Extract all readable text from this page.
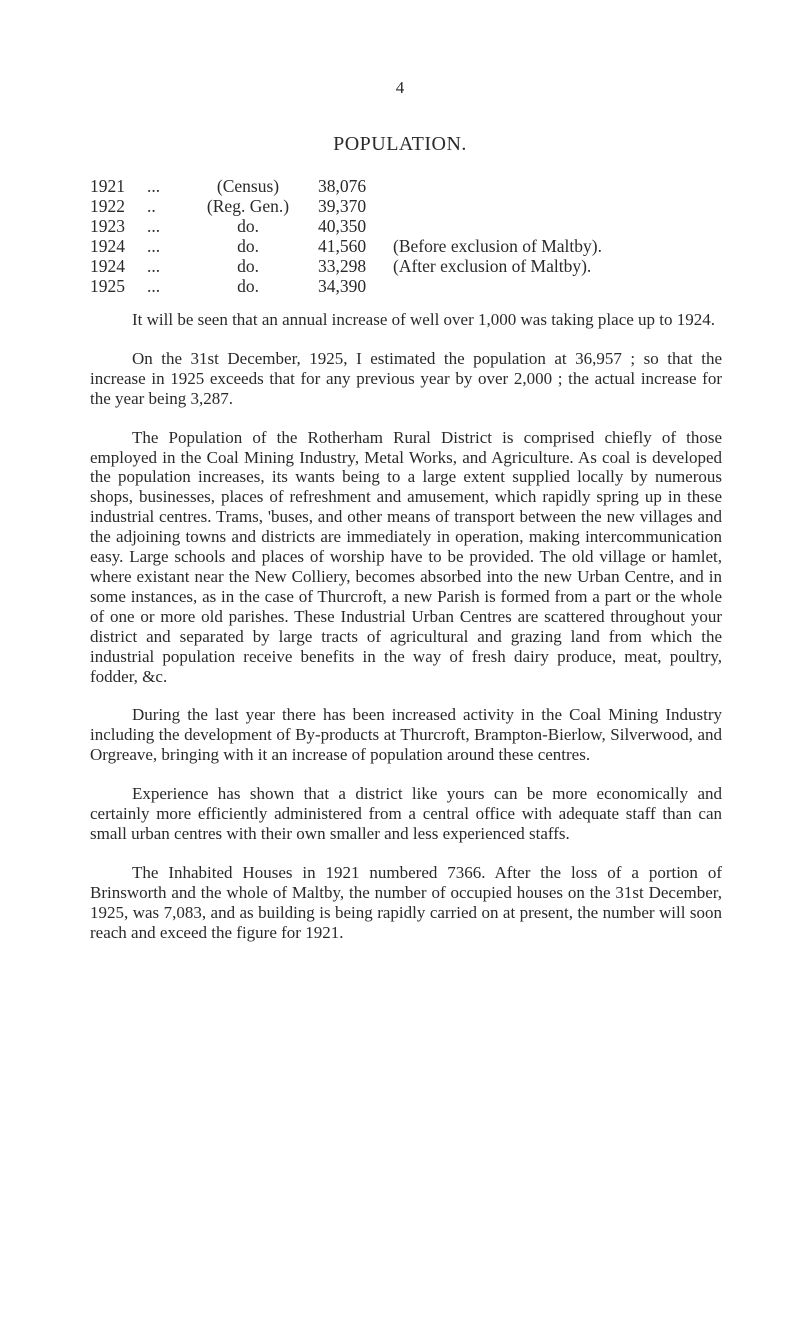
4
POPULATION.
1921 ...	(Census)	38,076
1922 ..	(Reg. Gen.)	39,370
1923 ...	do.	40,350
1924 ...	do.	41,560 (Before exclusion of Maltby).
1924 ...	do.	33,298 (After exclusion of Maltby).
1925 ...	do.	34,390

It will be seen that an annual increase of well over 1,000 was taking place up to 1924.

On the 31st December, 1925, I estimated the population at 36,957 ; so that the increase in 1925 exceeds that for any previous year by over 2,000 ; the actual increase for the year being 3,287.

The Population of the Rotherham Rural District is comprised chiefly of those employed in the Coal Mining Industry, Metal Works, and Agriculture. As coal is developed the population increases, its wants being to a large extent supplied locally by numerous shops, businesses, places of refreshment and amusement, which rapidly spring up in these industrial centres. Trams, 'buses, and other means of transport between the new villages and the adjoining towns and districts are immediately in operation, making intercommunication easy. Large schools and places of worship have to be provided. The old village or hamlet, where existant near the New Colliery, becomes absorbed into the new Urban Centre, and in some instances, as in the case of Thurcroft, a new Parish is formed from a part or the whole of one or more old parishes. These Industrial Urban Centres are scattered throughout your district and separated by large tracts of agricultural and grazing land from which the industrial population receive benefits in the way of fresh dairy produce, meat, poultry, fodder, &c.

During the last year there has been increased activity in the Coal Mining Industry including the development of By-products at Thurcroft, Brampton-Bierlow, Silverwood, and Orgreave, bringing with it an increase of population around these centres.

Experience has shown that a district like yours can be more economically and certainly more efficiently administered from a central office with adequate staff than can small urban centres with their own smaller and less experienced staffs.

The Inhabited Houses in 1921 numbered 7366. After the loss of a portion of Brinsworth and the whole of Maltby, the number of occupied houses on the 31st December, 1925, was 7,083, and as building is being rapidly carried on at present, the number will soon reach and exceed the figure for 1921.
